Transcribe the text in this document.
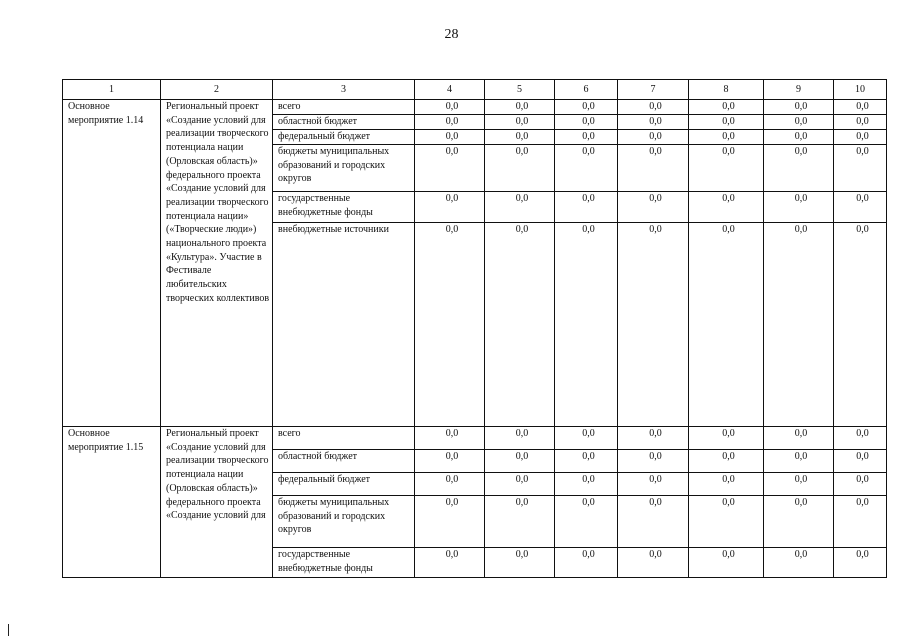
28
1	2	3	4	5	6	7	8	9	10
Основное мероприятие 1.14	Региональный проект «Создание условий для реализации творческого потенциала нации (Орловская область)» федерального проекта «Создание условий для реализации творческого потенциала нации» («Творческие люди») национального проекта «Культура». Участие в Фестивале любительских творческих коллективов	всего	0,0	0,0	0,0	0,0	0,0	0,0	0,0
		областной бюджет	0,0	0,0	0,0	0,0	0,0	0,0	0,0
		федеральный бюджет	0,0	0,0	0,0	0,0	0,0	0,0	0,0
		бюджеты муниципальных образований и городских округов	0,0	0,0	0,0	0,0	0,0	0,0	0,0
		государственные внебюджетные фонды	0,0	0,0	0,0	0,0	0,0	0,0	0,0
		внебюджетные источники	0,0	0,0	0,0	0,0	0,0	0,0	0,0
Основное мероприятие 1.15	Региональный проект «Создание условий для реализации творческого потенциала нации (Орловская область)» федерального проекта «Создание условий для	всего	0,0	0,0	0,0	0,0	0,0	0,0	0,0
		областной бюджет	0,0	0,0	0,0	0,0	0,0	0,0	0,0
		федеральный бюджет	0,0	0,0	0,0	0,0	0,0	0,0	0,0
		бюджеты муниципальных образований и городских округов	0,0	0,0	0,0	0,0	0,0	0,0	0,0
		государственные внебюджетные фонды	0,0	0,0	0,0	0,0	0,0	0,0	0,0
